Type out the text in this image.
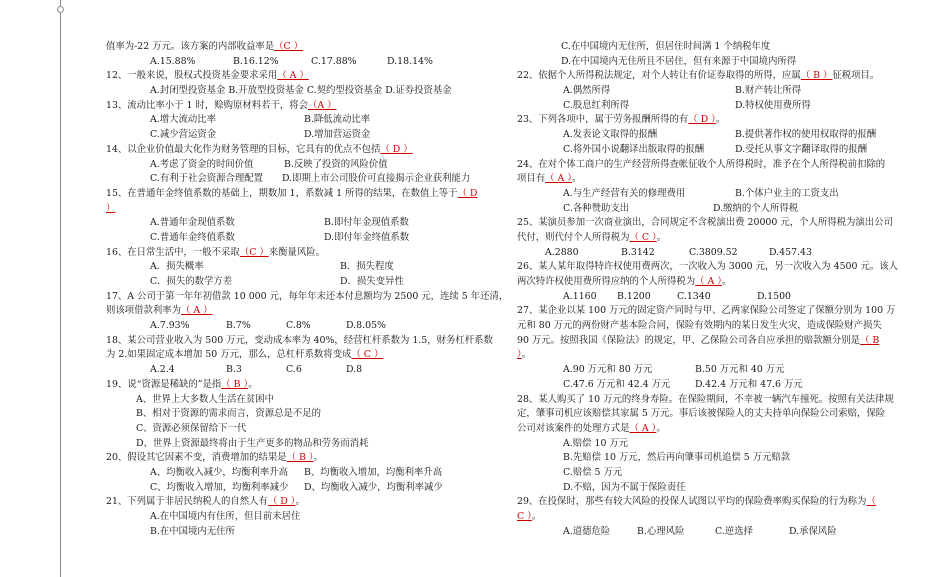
值率为-22 万元。该方案的内部收益率是（C ）
A.15.88%	B.16.12%	C.17.88%	D.18.14%
12、一般来说，股权式投资基金要求采用（ A ）
A.封闭型投资基金 B.开放型投资基金 C.契约型投资基金 D.证券投资基金
13、流动比率小于 1 时，赊购原材料若干，将会（A ）
A.增大流动比率	B.降低流动比率
C.减少营运资金	D.增加营运资金
14、以企业价值最大化作为财务管理的目标，它具有的优点不包括（ D ）
A.考虑了资金的时间价值	B.反映了投资的风险价值
C.有利于社会资源合理配置 D.即期上市公司股价可直接揭示企业获利能力
15、在普通年金终值系数的基础上，期数加 1，系数减 1 所得的结果，在数值上等于（ D
）
A.普通年金现值系数	B.即付年金现值系数
C.普通年金终值系数	D.即付年金终值系数
16、在日常生活中，一般不采取（C ）来衡量风险。
A．损失概率	B．损失程度
C．损失的数学方差	D．损失变异性
17、A 公司于第一年年初借款 10 000 元，每年年末还本付息额均为 2500 元，连续 5 年还清，
则该项借款利率为（ A ）
A.7.93%	B.7%	C.8%	D.8.05%
18、某公司营业收入为 500 万元，变动成本率为 40%，经营杠杆系数为 1.5，财务杠杆系数
为 2.如果固定成本增加 50 万元，那么，总杠杆系数将变成（ C ）
A.2.4	B.3	C.6	D.8
19、说“资源是稀缺的”是指（ B ）。
A、世界上大多数人生活在贫困中
B、相对于资源的需求而言，资源总是不足的
C、资源必须保留给下一代
D、世界上资源最终将由于生产更多的物品和劳务而消耗
20、假设其它因素不变，消费增加的结果是（ B ）。
A、均衡收入减少，均衡利率升高 B、均衡收入增加，均衡利率升高
C、均衡收入增加，均衡利率减少 D、均衡收入减少，均衡利率减少
21、下列属于非居民纳税人的自然人有（ D ）。
A.在中国境内有住所，但目前未居住
B.在中国境内无住所
C.在中国境内无住所，但居住时间满 1 个纳税年度
D.在中国境内无住所且不居住，但有来源于中国境内所得
22、依据个人所得税法规定，对个人转让有价证券取得的所得，应属（ B ）征税项目。
A.偶然所得	B.财产转让所得
C.股息红利所得	D.特权使用费所得
23、下列各项中，属于劳务报酬所得的有（ D ）。
A.发表论文取得的报酬	B.提供著作权的使用权取得的报酬
C.将外国小说翻译出版取得的报酬	D.受托从事文字翻译取得的报酬
24、在对个体工商户的生产经营所得查帐征收个人所得税时，准予在个人所得税前扣除的
项目有（ A ）。
A.与生产经营有关的修理费用	B.个体户业主的工资支出
C.各种赞助支出	D.缴纳的个人所得税
25、某演员参加一次商业演出，合同规定不含税演出费 20000 元，个人所得税为演出公司
代付，则代付个人所得税为（ C ）。
A.2880	B.3142	C.3809.52	D.457.43
26、某人某年取得特许权使用费两次，一次收入为 3000 元，另一次收入为 4500 元。该人
两次特许权使用费所得应纳的个人所得税为（ A ）。
A.1160 B.1200	C.1340	D.1500
27、某企业以某 100 万元的固定资产同时与甲、乙两家保险公司签定了保额分别为 100 万
元和 80 万元的两份财产基本险合同，保险有效期内的某日发生火灾，造成保险财产损失
90 万元。按照我国《保险法》的规定，甲、乙保险公司各自应承担的赔款额分别是（ B
）。
A.90 万元和 80 万元	B.50 万元和 40 万元
C.47.6 万元和 42.4 万元	D.42.4 万元和 47.6 万元
28、某人购买了 10 万元的终身寿险。在保险期间，不幸被一辆汽车撞死。按照有关法律规
定，肇事司机应该赔偿其家属 5 万元。事后该被保险人的丈夫持单向保险公司索赔，保险
公司对该案件的处理方式是（ A ）。
A.赔偿 10 万元
B.先赔偿 10 万元，然后再向肇事司机追偿 5 万元赔款
C.赔偿 5 万元
D.不赔，因为不属于保险责任
29、在投保时，那些有较大风险的投保人试图以平均的保险费率购买保险的行为称为（
C ）。
A.道德危险	B.心理风险	C.逆选择	D.承保风险
